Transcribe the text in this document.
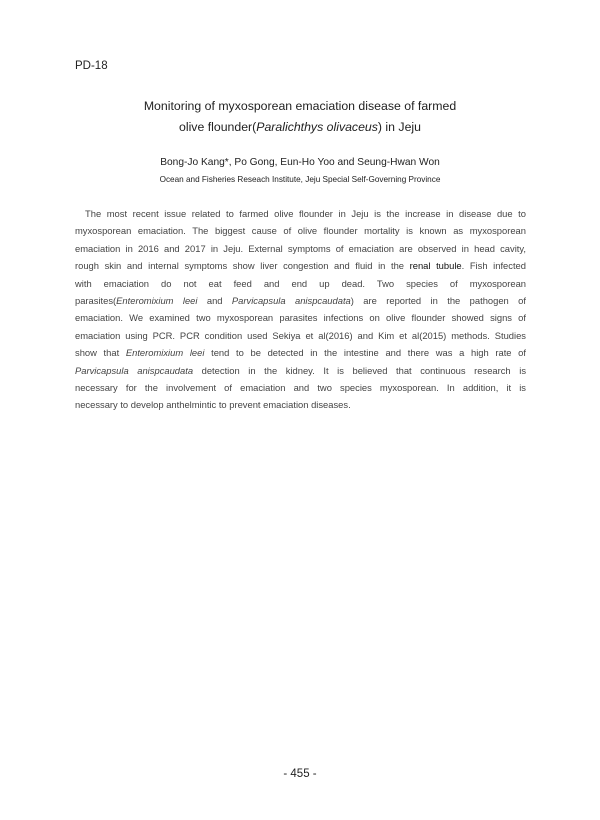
PD-18
Monitoring of myxosporean emaciation disease of farmed
olive flounder(Paralichthys olivaceus) in Jeju
Bong-Jo Kang*, Po Gong, Eun-Ho Yoo and Seung-Hwan Won
Ocean and Fisheries Reseach Institute, Jeju Special Self-Governing Province
The most recent issue related to farmed olive flounder in Jeju is the increase in disease due to
myxosporean emaciation. The biggest cause of olive flounder mortality is known as myxosporean
emaciation in 2016 and 2017 in Jeju. External symptoms of emaciation are observed in head cavity,
rough skin and internal symptoms show liver congestion and fluid in the renal tubule. Fish infected
with emaciation do not eat feed and end up dead. Two species of myxosporean
parasites(Enteromixium leei and Parvicapsula anispcaudata) are reported in the pathogen of
emaciation. We examined two myxosporean parasites infections on olive flounder showed signs of
emaciation using PCR. PCR condition used Sekiya et al(2016) and Kim et al(2015) methods. Studies
show that Enteromixium leei tend to be detected in the intestine and there was a high rate of
Parvicapsula anispcaudata detection in the kidney. It is believed that continuous research is
necessary for the involvement of emaciation and two species myxosporean. In addition, it is
necessary to develop anthelmintic to prevent emaciation diseases.
- 455 -
